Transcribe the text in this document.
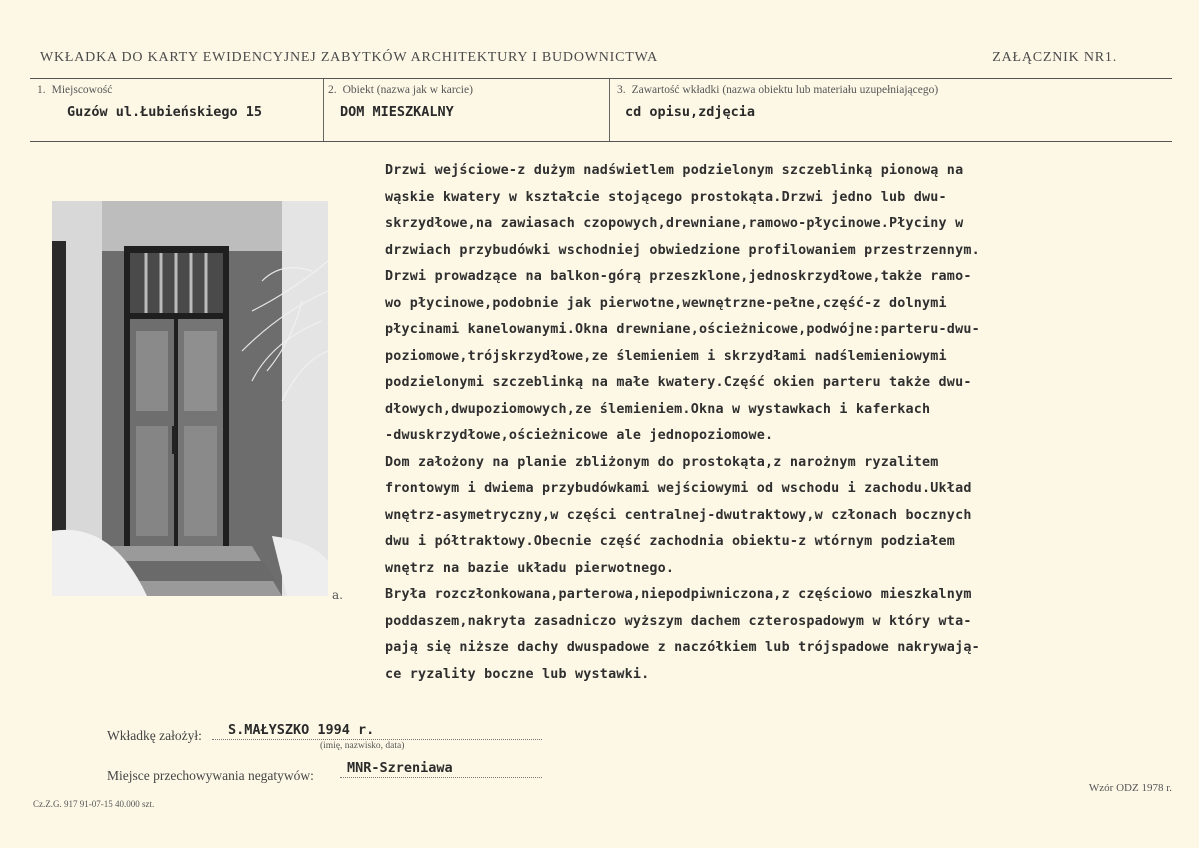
WKŁADKA DO KARTY EWIDENCYJNEJ ZABYTKÓW ARCHITEKTURY I BUDOWNICTWA	ZAŁĄCZNIK NR1.
1. Miejscowość
Guzów ul.Łubieńskiego 15
2. Obiekt (nazwa jak w karcie)
DOM MIESZKALNY
3. Zawartość wkładki (nazwa obiektu lub materiału uzupełniającego)
cd opisu,zdjęcia
a.
Drzwi wejściowe-z dużym nadświetlem podzielonym szczeblinką pionową na
wąskie kwatery w kształcie stojącego prostokąta.Drzwi jedno lub dwu-
skrzydłowe,na zawiasach czopowych,drewniane,ramowo-płycinowe.Płyciny w
drzwiach przybudówki wschodniej obwiedzione profilowaniem przestrzennym.
Drzwi prowadzące na balkon-górą przeszklone,jednoskrzydłowe,także ramo-
wo płycinowe,podobnie jak pierwotne,wewnętrzne-pełne,część-z dolnymi
płycinami kanelowanymi.Okna drewniane,ościeżnicowe,podwójne:parteru-dwu-
poziomowe,trójskrzydłowe,ze ślemieniem i skrzydłami nadślemieniowymi
podzielonymi szczeblinką na małe kwatery.Część okien parteru także dwu-
dłowych,dwupoziomowych,ze ślemieniem.Okna w wystawkach i kaferkach
-dwuskrzydłowe,ościeżnicowe ale jednopoziomowe.
Dom założony na planie zbliżonym do prostokąta,z narożnym ryzalitem
frontowym i dwiema przybudówkami wejściowymi od wschodu i zachodu.Układ
wnętrz-asymetryczny,w części centralnej-dwutraktowy,w członach bocznych
dwu i półtraktowy.Obecnie część zachodnia obiektu-z wtórnym podziałem
wnętrz na bazie układu pierwotnego.
Bryła rozczłonkowana,parterowa,niepodpiwniczona,z częściowo mieszkalnym
poddaszem,nakryta zasadniczo wyższym dachem czterospadowym w który wta-
pają się niższe dachy dwuspadowe z naczółkiem lub trójspadowe nakrywają-
ce ryzality boczne lub wystawki.
Wkładkę założył: S.MAŁYSZKO 1994 r.
(imię, nazwisko, data)
Miejsce przechowywania negatywów: MNR-Szreniawa
Wzór ODZ 1978 r.
Cz.Z.G. 917 91-07-15 40.000 szt.
